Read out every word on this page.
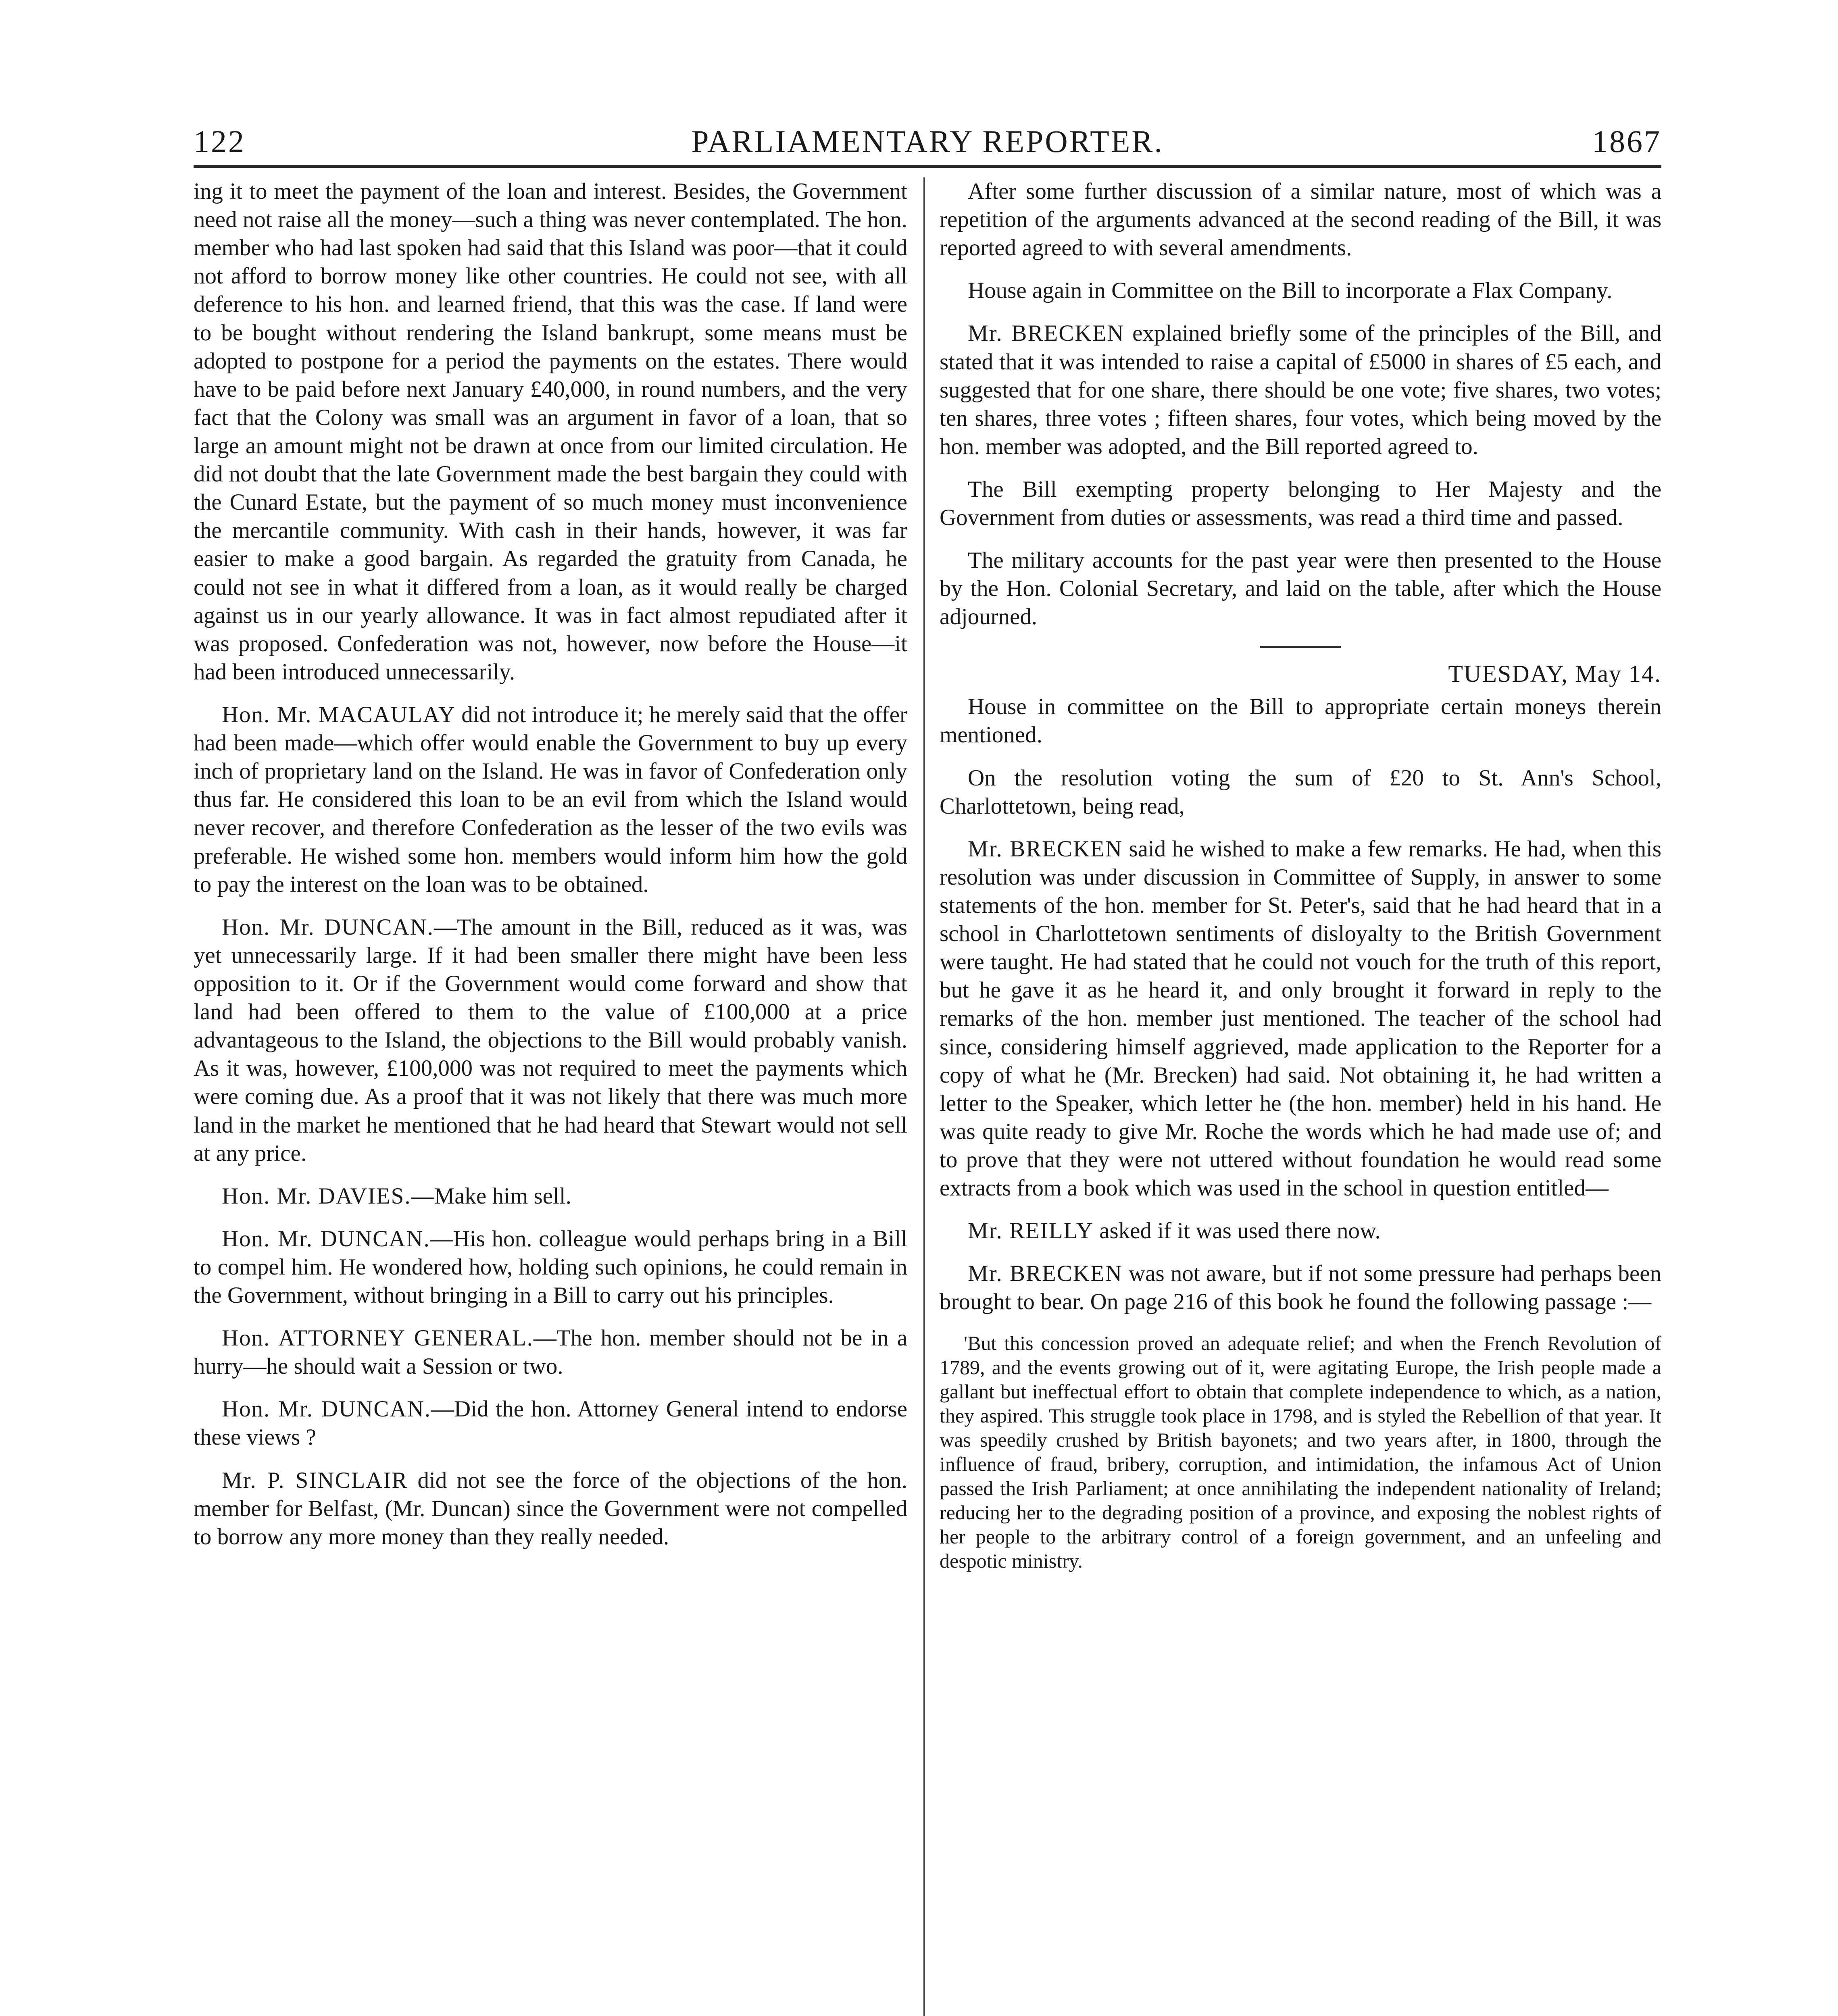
122	PARLIAMENTARY REPORTER.	1867

ing it to meet the payment of the loan and interest. Besides, the Government need not raise all the money—such a thing was never contemplated. The hon. member who had last spoken had said that this Island was poor—that it could not afford to borrow money like other countries. He could not see, with all deference to his hon. and learned friend, that this was the case. If land were to be bought without rendering the Island bankrupt, some means must be adopted to postpone for a period the payments on the estates. There would have to be paid before next January £40,000, in round numbers, and the very fact that the Colony was small was an argument in favor of a loan, that so large an amount might not be drawn at once from our limited circulation. He did not doubt that the late Government made the best bargain they could with the Cunard Estate, but the payment of so much money must inconvenience the mercantile community. With cash in their hands, however, it was far easier to make a good bargain. As regarded the gratuity from Canada, he could not see in what it differed from a loan, as it would really be charged against us in our yearly allowance. It was in fact almost repudiated after it was proposed. Confederation was not, however, now before the House—it had been introduced unnecessarily.

Hon. Mr. MACAULAY did not introduce it; he merely said that the offer had been made—which offer would enable the Government to buy up every inch of proprietary land on the Island. He was in favor of Confederation only thus far. He considered this loan to be an evil from which the Island would never recover, and therefore Confederation as the lesser of the two evils was preferable. He wished some hon. members would inform him how the gold to pay the interest on the loan was to be obtained.

Hon. Mr. DUNCAN.—The amount in the Bill, reduced as it was, was yet unnecessarily large. If it had been smaller there might have been less opposition to it. Or if the Government would come forward and show that land had been offered to them to the value of £100,000 at a price advantageous to the Island, the objections to the Bill would probably vanish. As it was, however, £100,000 was not required to meet the payments which were coming due. As a proof that it was not likely that there was much more land in the market he mentioned that he had heard that Stewart would not sell at any price.

Hon. Mr. DAVIES.—Make him sell.

Hon. Mr. DUNCAN.—His hon. colleague would perhaps bring in a Bill to compel him. He wondered how, holding such opinions, he could remain in the Government, without bringing in a Bill to carry out his principles.

Hon. ATTORNEY GENERAL.—The hon. member should not be in a hurry—he should wait a Session or two.

Hon. Mr. DUNCAN.—Did the hon. Attorney General intend to endorse these views ?

Mr. P. SINCLAIR did not see the force of the objections of the hon. member for Belfast, (Mr. Duncan) since the Government were not compelled to borrow any more money than they really needed.

After some further discussion of a similar nature, most of which was a repetition of the arguments advanced at the second reading of the Bill, it was reported agreed to with several amendments.

House again in Committee on the Bill to incorporate a Flax Company.

Mr. BRECKEN explained briefly some of the principles of the Bill, and stated that it was intended to raise a capital of £5000 in shares of £5 each, and suggested that for one share, there should be one vote; five shares, two votes; ten shares, three votes ; fifteen shares, four votes, which being moved by the hon. member was adopted, and the Bill reported agreed to.

The Bill exempting property belonging to Her Majesty and the Government from duties or assessments, was read a third time and passed.

The military accounts for the past year were then presented to the House by the Hon. Colonial Secretary, and laid on the table, after which the House adjourned.

TUESDAY, May 14.

House in committee on the Bill to appropriate certain moneys therein mentioned.

On the resolution voting the sum of £20 to St. Ann's School, Charlottetown, being read,

Mr. BRECKEN said he wished to make a few remarks. He had, when this resolution was under discussion in Committee of Supply, in answer to some statements of the hon. member for St. Peter's, said that he had heard that in a school in Charlottetown sentiments of disloyalty to the British Government were taught. He had stated that he could not vouch for the truth of this report, but he gave it as he heard it, and only brought it forward in reply to the remarks of the hon. member just mentioned. The teacher of the school had since, considering himself aggrieved, made application to the Reporter for a copy of what he (Mr. Brecken) had said. Not obtaining it, he had written a letter to the Speaker, which letter he (the hon. member) held in his hand. He was quite ready to give Mr. Roche the words which he had made use of; and to prove that they were not uttered without foundation he would read some extracts from a book which was used in the school in question entitled—

Mr. REILLY asked if it was used there now.

Mr. BRECKEN was not aware, but if not some pressure had perhaps been brought to bear. On page 216 of this book he found the following passage :—

'But this concession proved an adequate relief; and when the French Revolution of 1789, and the events growing out of it, were agitating Europe, the Irish people made a gallant but ineffectual effort to obtain that complete independence to which, as a nation, they aspired. This struggle took place in 1798, and is styled the Rebellion of that year. It was speedily crushed by British bayonets; and two years after, in 1800, through the influence of fraud, bribery, corruption, and intimidation, the infamous Act of Union passed the Irish Parliament; at once annihilating the independent nationality of Ireland; reducing her to the degrading position of a province, and exposing the noblest rights of her people to the arbitrary control of a foreign government, and an unfeeling and despotic ministry.
